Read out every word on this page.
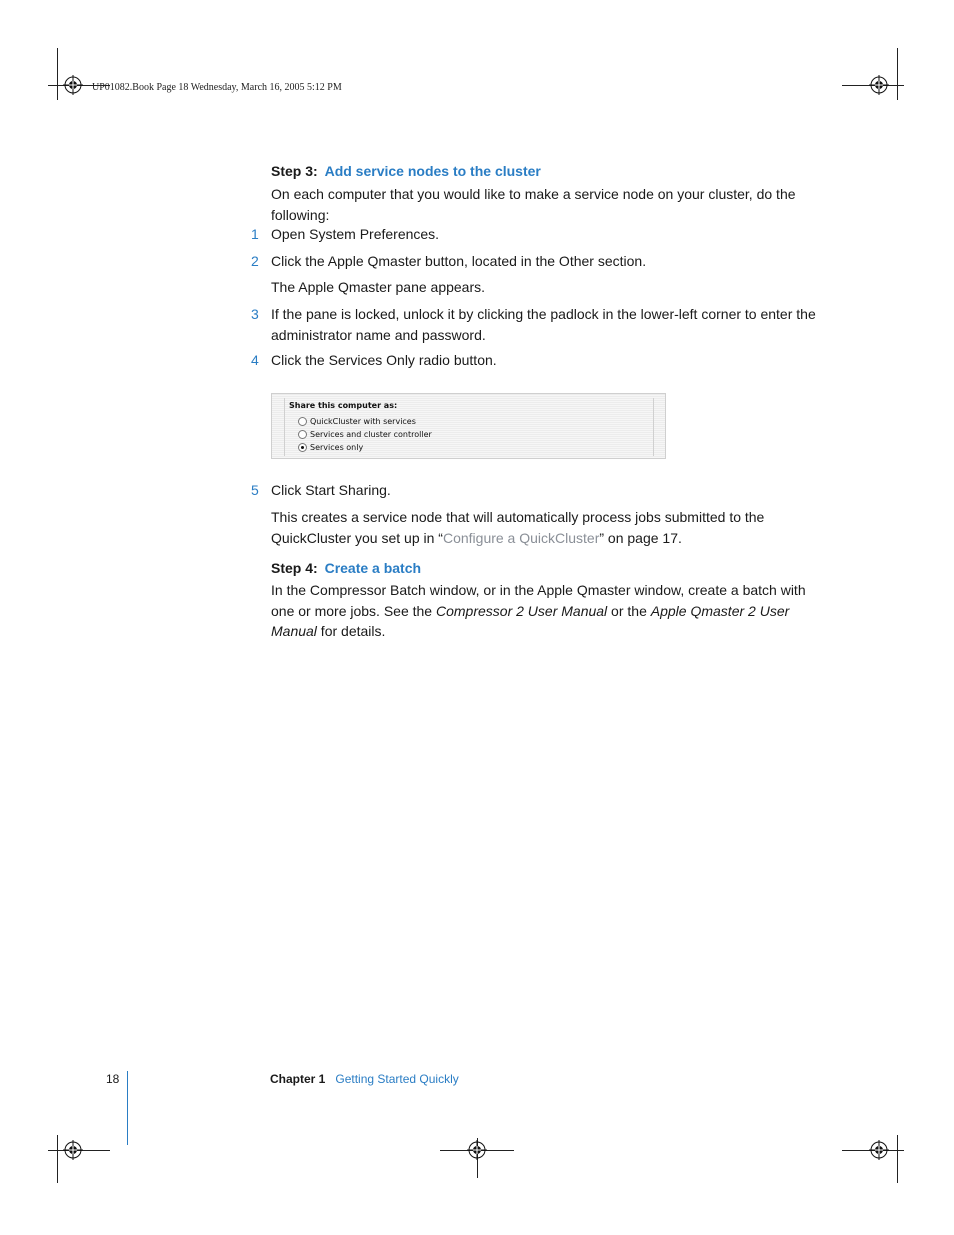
UP01082.Book Page 18 Wednesday, March 16, 2005 5:12 PM
Step 3: Add service nodes to the cluster
On each computer that you would like to make a service node on your cluster, do the following:
1 Open System Preferences.
2 Click the Apple Qmaster button, located in the Other section.
The Apple Qmaster pane appears.
3 If the pane is locked, unlock it by clicking the padlock in the lower-left corner to enter the administrator name and password.
4 Click the Services Only radio button.
Share this computer as:
QuickCluster with services
Services and cluster controller
Services only
5 Click Start Sharing.
This creates a service node that will automatically process jobs submitted to the QuickCluster you set up in “Configure a QuickCluster” on page 17.
Step 4: Create a batch
In the Compressor Batch window, or in the Apple Qmaster window, create a batch with one or more jobs. See the Compressor 2 User Manual or the Apple Qmaster 2 User Manual for details.
18	Chapter 1 Getting Started Quickly
